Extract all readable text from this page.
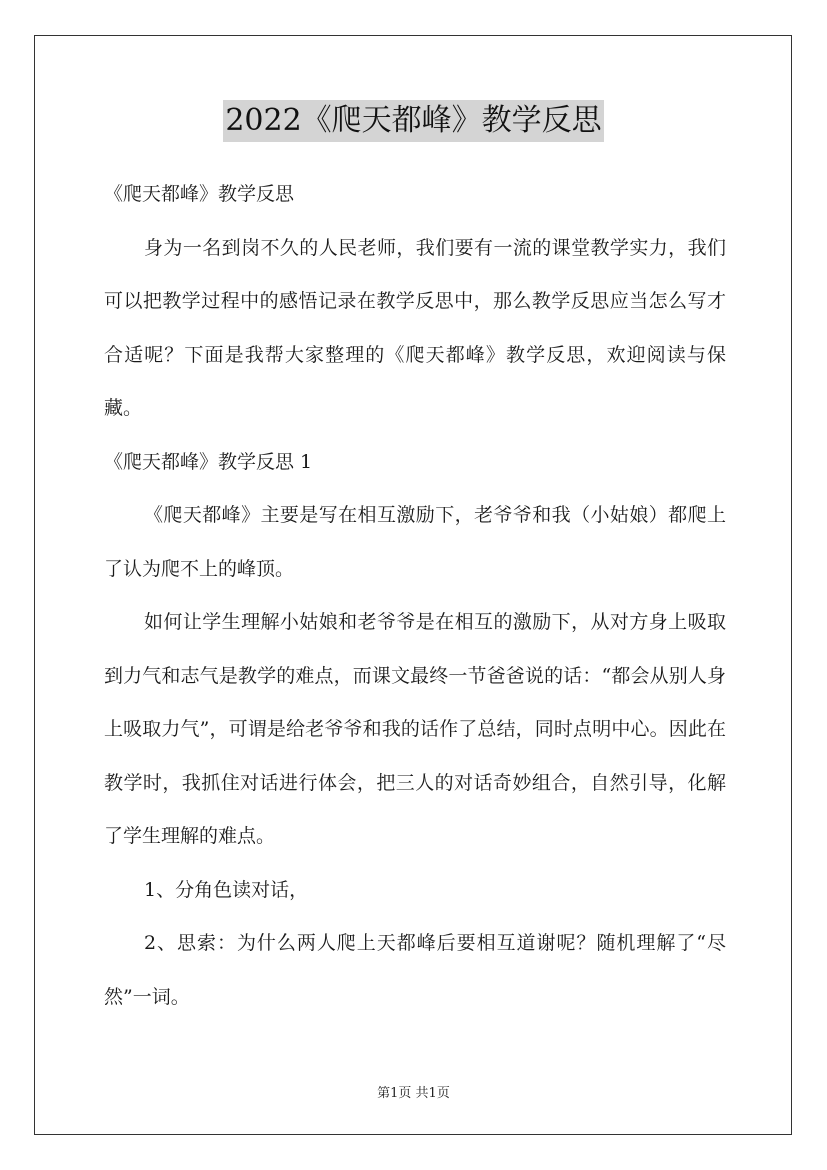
2022《爬天都峰》教学反思

《爬天都峰》教学反思

身为一名到岗不久的人民老师，我们要有一流的课堂教学实力，我们可以把教学过程中的感悟记录在教学反思中，那么教学反思应当怎么写才合适呢？下面是我帮大家整理的《爬天都峰》教学反思，欢迎阅读与保藏。

《爬天都峰》教学反思 1

《爬天都峰》主要是写在相互激励下，老爷爷和我（小姑娘）都爬上了认为爬不上的峰顶。

如何让学生理解小姑娘和老爷爷是在相互的激励下，从对方身上吸取到力气和志气是教学的难点，而课文最终一节爸爸说的话：“都会从别人身上吸取力气”，可谓是给老爷爷和我的话作了总结，同时点明中心。因此在教学时，我抓住对话进行体会，把三人的对话奇妙组合，自然引导，化解了学生理解的难点。

1、分角色读对话，

2、思索：为什么两人爬上天都峰后要相互道谢呢？随机理解了“尽然”一词。

第1页 共1页
